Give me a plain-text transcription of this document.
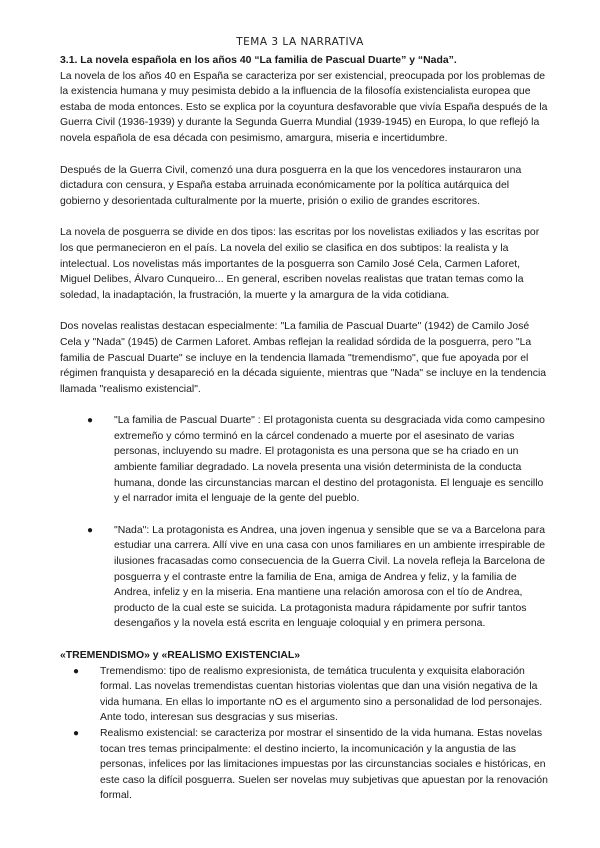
TEMA 3 LA NARRATIVA

3.1. La novela española en los años 40 “La familia de Pascual Duarte” y “Nada”.

La novela de los años 40 en España se caracteriza por ser existencial, preocupada por los problemas de la existencia humana y muy pesimista debido a la influencia de la filosofía existencialista europea que estaba de moda entonces. Esto se explica por la coyuntura desfavorable que vivía España después de la Guerra Civil (1936-1939) y durante la Segunda Guerra Mundial (1939-1945) en Europa, lo que reflejó la novela española de esa década con pesimismo, amargura, miseria e incertidumbre.

Después de la Guerra Civil, comenzó una dura posguerra en la que los vencedores instauraron una dictadura con censura, y España estaba arruinada económicamente por la política autárquica del gobierno y desorientada culturalmente por la muerte, prisión o exilio de grandes escritores.

La novela de posguerra se divide en dos tipos: las escritas por los novelistas exiliados y las escritas por los que permanecieron en el país. La novela del exilio se clasifica en dos subtipos: la realista y la intelectual. Los novelistas más importantes de la posguerra son Camilo José Cela, Carmen Laforet, Miguel Delibes, Álvaro Cunqueiro... En general, escriben novelas realistas que tratan temas como la soledad, la inadaptación, la frustración, la muerte y la amargura de la vida cotidiana.

Dos novelas realistas destacan especialmente: "La familia de Pascual Duarte" (1942) de Camilo José Cela y "Nada" (1945) de Carmen Laforet. Ambas reflejan la realidad sórdida de la posguerra, pero "La familia de Pascual Duarte" se incluye en la tendencia llamada "tremendismo", que fue apoyada por el régimen franquista y desapareció en la década siguiente, mientras que "Nada" se incluye en la tendencia llamada "realismo existencial".

● "La familia de Pascual Duarte" : El protagonista cuenta su desgraciada vida como campesino extremeño y cómo terminó en la cárcel condenado a muerte por el asesinato de varias personas, incluyendo su madre. El protagonista es una persona que se ha criado en un ambiente familiar degradado. La novela presenta una visión determinista de la conducta humana, donde las circunstancias marcan el destino del protagonista. El lenguaje es sencillo y el narrador imita el lenguaje de la gente del pueblo.
● "Nada": La protagonista es Andrea, una joven ingenua y sensible que se va a Barcelona para estudiar una carrera. Allí vive en una casa con unos familiares en un ambiente irrespirable de ilusiones fracasadas como consecuencia de la Guerra Civil. La novela refleja la Barcelona de posguerra y el contraste entre la familia de Ena, amiga de Andrea y feliz, y la familia de Andrea, infeliz y en la miseria. Ena mantiene una relación amorosa con el tío de Andrea, producto de la cual este se suicida. La protagonista madura rápidamente por sufrir tantos desengaños y la novela está escrita en lenguaje coloquial y en primera persona.

«TREMENDISMO» y «REALISMO EXISTENCIAL»

● Tremendismo: tipo de realismo expresionista, de temática truculenta y exquisita elaboración formal. Las novelas tremendistas cuentan historias violentas que dan una visión negativa de la vida humana. En ellas lo importante nO es el argumento sino a personalidad de lod personajes. Ante todo, interesan sus desgracias y sus miserias.
● Realismo existencial: se caracteriza por mostrar el sinsentido de la vida humana. Estas novelas tocan tres temas principalmente: el destino incierto, la incomunicación y la angustia de las personas, infelices por las limitaciones impuestas por las circunstancias sociales e históricas, en este caso la difícil posguerra. Suelen ser novelas muy subjetivas que apuestan por la renovación formal.
